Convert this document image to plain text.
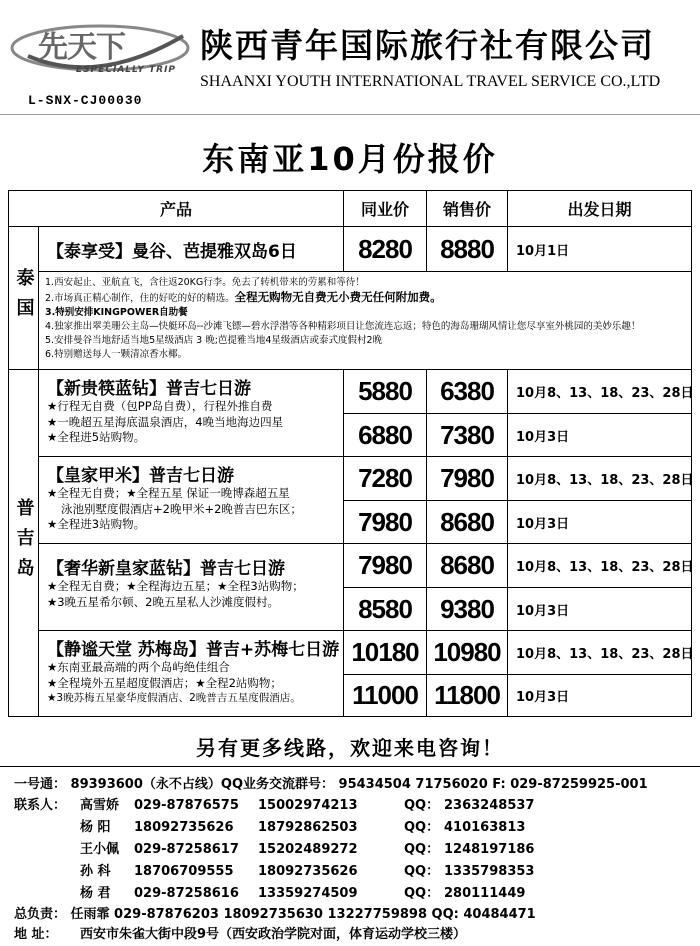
先天下
ESPECIALLY TRIP
L-SNX-CJ00030
陕西青年国际旅行社有限公司
SHAANXI YOUTH INTERNATIONAL TRAVEL SERVICE CO.,LTD
东南亚10月份报价
产品	同业价	销售价	出发日期
泰国
【泰享受】曼谷、芭提雅双岛6日	8280	8880	10月1日
1.西安起止、亚航直飞，含往返20KG行李。免去了转机带来的劳累和等待！
2.市场真正精心制作，住的好吃的好的精选。全程无购物无自费无小费无任何附加费。
3.特别安排KINGPOWER自助餐
4.独家推出翠美珊公主岛—快艇环岛--沙滩飞镖—碧水浮潜等各种精彩项目让您流连忘返；特色的海岛珊瑚风情让您尽享室外桃园的美妙乐趣！
5.安排曼谷当地舒适当地5星级酒店 3 晚;芭提雅当地4星级酒店或泰式度假村2晚
6.特别赠送每人一颗清凉香水椰。
普吉岛
【新贵筷蓝钻】普吉七日游
★行程无自费（包PP岛自费），行程外推自费
★一晚超五星海底温泉酒店，4晚当地海边四星
★全程进5站购物。
5880	6380	10月8、13、18、23、28日
6880	7380	10月3日
【皇家甲米】普吉七日游
★全程无自费；★全程五星 保证一晚博森超五星
泳池别墅度假酒店+2晚甲米+2晚普吉巴东区；
★全程进3站购物。
7280	7980	10月8、13、18、23、28日
7980	8680	10月3日
【奢华新皇家蓝钻】普吉七日游
★全程无自费；★全程海边五星；★全程3站购物；
★3晚五星希尔顿、2晚五星私人沙滩度假村。
7980	8680	10月8、13、18、23、28日
8580	9380	10月3日
【静谧天堂 苏梅岛】普吉+苏梅七日游
★东南亚最高端的两个岛屿绝佳组合
★全程境外五星超度假酒店；★全程2站购物；
★3晚苏梅五星豪华度假酒店、2晚普吉五星度假酒店。
10180 10980	10月8、13、18、23、28日
11000 11800	10月3日
另有更多线路，欢迎来电咨询！
一号通： 89393600（永不占线）QQ业务交流群号： 95434504 71756020 F: 029-87259925-001
联系人： 高雪娇 029-87876575 15002974213	QQ： 2363248537
杨 阳 18092735626 18792862503	QQ： 410163813
王小佩 029-87258617 15202489272	QQ： 1248197186
孙 科 18706709555 18092735626	QQ： 1335798353
杨 君 029-87258616 13359274509	QQ： 280111449
总负责： 任雨霏 029-87876203 18092735630 13227759898 QQ: 40484471
地 址： 西安市朱雀大街中段9号（西安政治学院对面，体育运动学校三楼）
